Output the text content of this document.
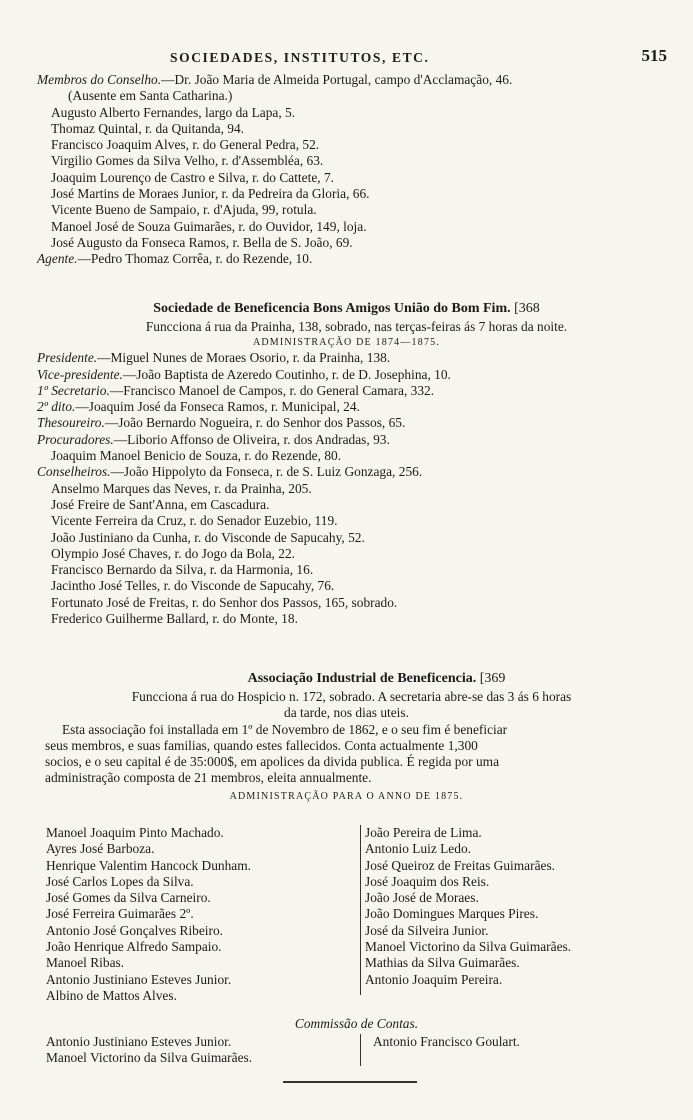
SOCIEDADES, INSTITUTOS, ETC.	515
Membros do Conselho.—Dr. João Maria de Almeida Portugal, campo d'Acclamação, 46.
(Ausente em Santa Catharina.)
Augusto Alberto Fernandes, largo da Lapa, 5.
Thomaz Quintal, r. da Quitanda, 94.
Francisco Joaquim Alves, r. do General Pedra, 52.
Virgilio Gomes da Silva Velho, r. d'Assembléa, 63.
Joaquim Lourenço de Castro e Silva, r. do Cattete, 7.
José Martins de Moraes Junior, r. da Pedreira da Gloria, 66.
Vicente Bueno de Sampaio, r. d'Ajuda, 99, rotula.
Manoel José de Souza Guimarães, r. do Ouvidor, 149, loja.
José Augusto da Fonseca Ramos, r. Bella de S. João, 69.
Agente.—Pedro Thomaz Corrêa, r. do Rezende, 10.
Sociedade de Beneficencia Bons Amigos União do Bom Fim. [368
Funcciona á rua da Prainha, 138, sobrado, nas terças-feiras ás 7 horas da noite.
ADMINISTRAÇÃO DE 1874—1875.
Presidente.—Miguel Nunes de Moraes Osorio, r. da Prainha, 138.
Vice-presidente.—João Baptista de Azeredo Coutinho, r. de D. Josephina, 10.
1º Secretario.—Francisco Manoel de Campos, r. do General Camara, 332.
2º dito.—Joaquim José da Fonseca Ramos, r. Municipal, 24.
Thesoureiro.—João Bernardo Nogueira, r. do Senhor dos Passos, 65.
Procuradores.—Liborio Affonso de Oliveira, r. dos Andradas, 93.
Joaquim Manoel Benicio de Souza, r. do Rezende, 80.
Conselheiros.—João Hippolyto da Fonseca, r. de S. Luiz Gonzaga, 256.
Anselmo Marques das Neves, r. da Prainha, 205.
José Freire de Sant'Anna, em Cascadura.
Vicente Ferreira da Cruz, r. do Senador Euzebio, 119.
João Justiniano da Cunha, r. do Visconde de Sapucahy, 52.
Olympio José Chaves, r. do Jogo da Bola, 22.
Francisco Bernardo da Silva, r. da Harmonia, 16.
Jacintho José Telles, r. do Visconde de Sapucahy, 76.
Fortunato José de Freitas, r. do Senhor dos Passos, 165, sobrado.
Frederico Guilherme Ballard, r. do Monte, 18.
Associação Industrial de Beneficencia. [369
Funcciona á rua do Hospicio n. 172, sobrado. A secretaria abre-se das 3 ás 6 horas
da tarde, nos dias uteis.
Esta associação foi installada em 1º de Novembro de 1862, e o seu fim é beneficiar
seus membros, e suas familias, quando estes fallecidos. Conta actualmente 1,300
socios, e o seu capital é de 35:000$, em apolices da divida publica. É regida por uma
administração composta de 21 membros, eleita annualmente.
ADMINISTRAÇÃO PARA O ANNO DE 1875.
Manoel Joaquim Pinto Machado.
Ayres José Barboza.
Henrique Valentim Hancock Dunham.
José Carlos Lopes da Silva.
José Gomes da Silva Carneiro.
José Ferreira Guimarães 2º.
Antonio José Gonçalves Ribeiro.
João Henrique Alfredo Sampaio.
Manoel Ribas.
Antonio Justiniano Esteves Junior.
Albino de Mattos Alves.
João Pereira de Lima.
Antonio Luiz Ledo.
José Queiroz de Freitas Guimarães.
José Joaquim dos Reis.
João José de Moraes.
João Domingues Marques Pires.
José da Silveira Junior.
Manoel Victorino da Silva Guimarães.
Mathias da Silva Guimarães.
Antonio Joaquim Pereira.
Commissão de Contas.
Antonio Justiniano Esteves Junior.
Manoel Victorino da Silva Guimarães.
Antonio Francisco Goulart.
